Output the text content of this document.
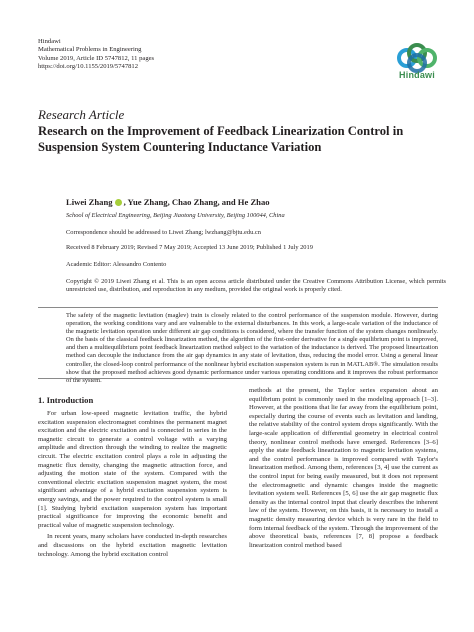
Hindawi
Mathematical Problems in Engineering
Volume 2019, Article ID 5747812, 11 pages
https://doi.org/10.1155/2019/5747812
Hindawi
Research Article
Research on the Improvement of Feedback Linearization Control in Suspension System Countering Inductance Variation
Liwei Zhang , Yue Zhang, Chao Zhang, and He Zhao
School of Electrical Engineering, Beijing Jiaotong University, Beijing 100044, China
Correspondence should be addressed to Liwei Zhang; lwzhang@bjtu.edu.cn
Received 8 February 2019; Revised 7 May 2019; Accepted 13 June 2019; Published 1 July 2019
Academic Editor: Alessandro Contento
Copyright © 2019 Liwei Zhang et al. This is an open access article distributed under the Creative Commons Attribution License, which permits unrestricted use, distribution, and reproduction in any medium, provided the original work is properly cited.
The safety of the magnetic levitation (maglev) train is closely related to the control performance of the suspension module. However, during operation, the working conditions vary and are vulnerable to the external disturbances. In this work, a large-scale variation of the inductance of the magnetic levitation operation under different air gap conditions is considered, where the transfer function of the system changes nonlinearly. On the basis of the classical feedback linearization method, the algorithm of the first-order derivative for a single equilibrium point is improved, and then a multiequilibrium point feedback linearization method subject to the variation of the inductance is derived. The proposed linearization method can decouple the inductance from the air gap dynamics in any state of levitation, thus, reducing the model error. Using a general linear controller, the closed-loop control performance of the nonlinear hybrid excitation suspension system is run in MATLAB®. The simulation results show that the proposed method achieves good dynamic performance under various operating conditions and it improves the robust performance of the system.
1. Introduction

For urban low-speed magnetic levitation traffic, the hybrid excitation suspension electromagnet combines the permanent magnet excitation and the electric excitation and is connected in series in the magnetic circuit to generate a control voltage with a varying amplitude and direction through the winding to realize the magnetic circuit. The electric excitation control plays a role in adjusting the magnetic flux density, changing the magnetic attraction force, and adjusting the motion state of the system. Compared with the conventional electric excitation suspension magnet system, the most significant advantage of a hybrid excitation suspension system is energy savings, and the power required to the control system is small [1]. Studying hybrid excitation suspension system has important practical significance for improving the economic benefit and practical value of magnetic suspension technology.

In recent years, many scholars have conducted in-depth researches and discussions on the hybrid excitation magnetic levitation technology. Among the hybrid excitation control

methods at the present, the Taylor series expansion about an equilibrium point is commonly used in the modeling approach [1–3]. However, at the positions that lie far away from the equilibrium point, especially during the course of events such as levitation and landing, the relative stability of the control system drops significantly. With the large-scale application of differential geometry in electrical control theory, nonlinear control methods have emerged. References [3–6] apply the state feedback linearization to magnetic levitation systems, and the control performance is improved compared with Taylor's linearization method. Among them, references [3, 4] use the current as the control input for being easily measured, but it does not represent the electromagnetic and dynamic changes inside the magnetic levitation system well. References [5, 6] use the air gap magnetic flux density as the internal control input that clearly describes the inherent law of the system. However, on this basis, it is necessary to install a magnetic density measuring device which is very rare in the field to form internal feedback of the system. Through the improvement of the above theoretical basis, references [7, 8] propose a feedback linearization control method based
